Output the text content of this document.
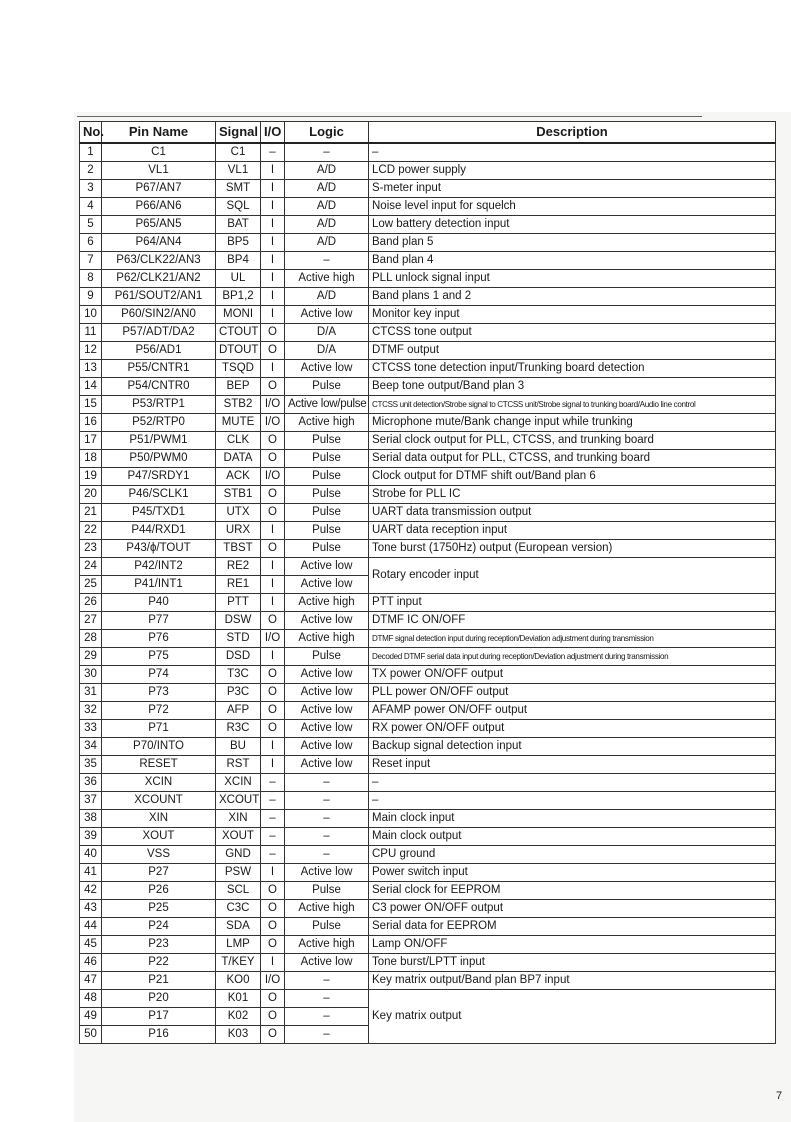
No.	Pin Name	Signal	I/O	Logic	Description
1	C1	C1	–	–	–
2	VL1	VL1	I	A/D	LCD power supply
3	P67/AN7	SMT	I	A/D	S-meter input
4	P66/AN6	SQL	I	A/D	Noise level input for squelch
5	P65/AN5	BAT	I	A/D	Low battery detection input
6	P64/AN4	BP5	I	A/D	Band plan 5
7	P63/CLK22/AN3	BP4	I	–	Band plan 4
8	P62/CLK21/AN2	UL	I	Active high	PLL unlock signal input
9	P61/SOUT2/AN1	BP1,2	I	A/D	Band plans 1 and 2
10	P60/SIN2/AN0	MONI	I	Active low	Monitor key input
11	P57/ADT/DA2	CTOUT	O	D/A	CTCSS tone output
12	P56/AD1	DTOUT	O	D/A	DTMF output
13	P55/CNTR1	TSQD	I	Active low	CTCSS tone detection input/Trunking board detection
14	P54/CNTR0	BEP	O	Pulse	Beep tone output/Band plan 3
15	P53/RTP1	STB2	I/O	Active low/pulse	CTCSS unit detection/Strobe signal to CTCSS unit/Strobe signal to trunking board/Audio line control
16	P52/RTP0	MUTE	I/O	Active high	Microphone mute/Bank change input while trunking
17	P51/PWM1	CLK	O	Pulse	Serial clock output for PLL, CTCSS, and trunking board
18	P50/PWM0	DATA	O	Pulse	Serial data output for PLL, CTCSS, and trunking board
19	P47/SRDY1	ACK	I/O	Pulse	Clock output for DTMF shift out/Band plan 6
20	P46/SCLK1	STB1	O	Pulse	Strobe for PLL IC
21	P45/TXD1	UTX	O	Pulse	UART data transmission output
22	P44/RXD1	URX	I	Pulse	UART data reception input
23	P43/ϕ/TOUT	TBST	O	Pulse	Tone burst (1750Hz) output (European version)
24	P42/INT2	RE2	I	Active low	Rotary encoder input
25	P41/INT1	RE1	I	Active low	
26	P40	PTT	I	Active high	PTT input
27	P77	DSW	O	Active low	DTMF IC ON/OFF
28	P76	STD	I/O	Active high	DTMF signal detection input during reception/Deviation adjustment during transmission
29	P75	DSD	I	Pulse	Decoded DTMF serial data input during reception/Deviation adjustment during transmission
30	P74	T3C	O	Active low	TX power ON/OFF output
31	P73	P3C	O	Active low	PLL power ON/OFF output
32	P72	AFP	O	Active low	AFAMP power ON/OFF output
33	P71	R3C	O	Active low	RX power ON/OFF output
34	P70/INTO	BU	I	Active low	Backup signal detection input
35	RESET	RST	I	Active low	Reset input
36	XCIN	XCIN	–	–	–
37	XCOUNT	XCOUT	–	–	–
38	XIN	XIN	–	–	Main clock input
39	XOUT	XOUT	–	–	Main clock output
40	VSS	GND	–	–	CPU ground
41	P27	PSW	I	Active low	Power switch input
42	P26	SCL	O	Pulse	Serial clock for EEPROM
43	P25	C3C	O	Active high	C3 power ON/OFF output
44	P24	SDA	O	Pulse	Serial data for EEPROM
45	P23	LMP	O	Active high	Lamp ON/OFF
46	P22	T/KEY	I	Active low	Tone burst/LPTT input
47	P21	KO0	I/O	–	Key matrix output/Band plan BP7 input
48	P20	K01	O	–	Key matrix output
49	P17	K02	O	–	
50	P16	K03	O	–	
7
